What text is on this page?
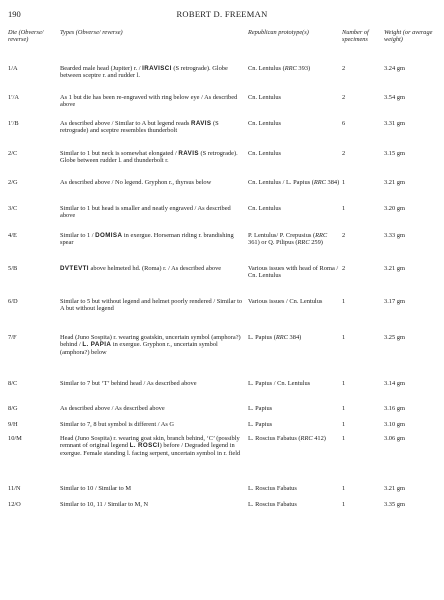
190	ROBERT D. FREEMAN
Die (Obverse/ reverse)	Types (Obverse/ reverse)	Republican prototype(s)	Number of specimens	Weight (or average weight)
1/A	Bearded male head (Jupiter) r. / IRAVISCI (S retrograde). Globe between sceptre r. and rudder l.	Cn. Lentulus (RRC 393)	2	3.24 gm
1′/A	As 1 but die has been re-engraved with ring below eye / As described above	Cn. Lentulus	2	3.54 gm
1′/B	As described above / Similar to A but legend reads RAVIS (S retrograde) and sceptre resembles thunderbolt	Cn. Lentulus	6	3.31 gm
2/C	Similar to 1 but neck is somewhat elongated / RAVIS (S retrograde). Globe between rudder l. and thunderbolt r.	Cn. Lentulus	2	3.15 gm
2/G	As described above / No legend. Gryphon r., thyrsus below	Cn. Lentulus / L. Papius (RRC 384)	1	3.21 gm
3/C	Similar to 1 but head is smaller and neatly engraved / As described above	Cn. Lentulus	1	3.20 gm
4/E	Similar to 1 / DOMISA in exergue. Horseman riding r. brandishing spear	P. Lentulus/ P. Crepusius (RRC 361) or Q. Pilipus (RRC 259)	2	3.33 gm
5/B	DVTEVTI above helmeted hd. (Roma) r. / As described above	Various issues with head of Roma / Cn. Lentulus	2	3.21 gm
6/D	Similar to 5 but without legend and helmet poorly rendered / Similar to A but without legend	Various issues / Cn. Lentulus	1	3.17 gm
7/F	Head (Juno Sospita) r. wearing goatskin, uncertain symbol (amphora?) behind / L. PAPIA in exergue. Gryphon r., uncertain symbol (amphora?) below	L. Papius (RRC 384)	1	3.25 gm
8/C	Similar to 7 but ‘T’ behind head / As described above	L. Papius / Cn. Lentulus	1	3.14 gm
8/G	As described above / As described above	L. Papius	1	3.16 gm
9/H	Similar to 7, 8 but symbol is different / As G	L. Papius	1	3.10 gm
10/M	Head (Juno Sospita) r. wearing goat skin, branch behind, ‘C’ (possibly remnant of original legend L. ROSCI) before / Degraded legend in exergue. Female standing l. facing serpent, uncertain symbol in r. field	L. Roscius Fabatus (RRC 412)	1	3.06 gm
11/N	Similar to 10 / Similar to M	L. Roscius Fabatus	1	3.21 gm
12/O	Similar to 10, 11 / Similar to M, N	L. Roscius Fabatus	1	3.35 gm
